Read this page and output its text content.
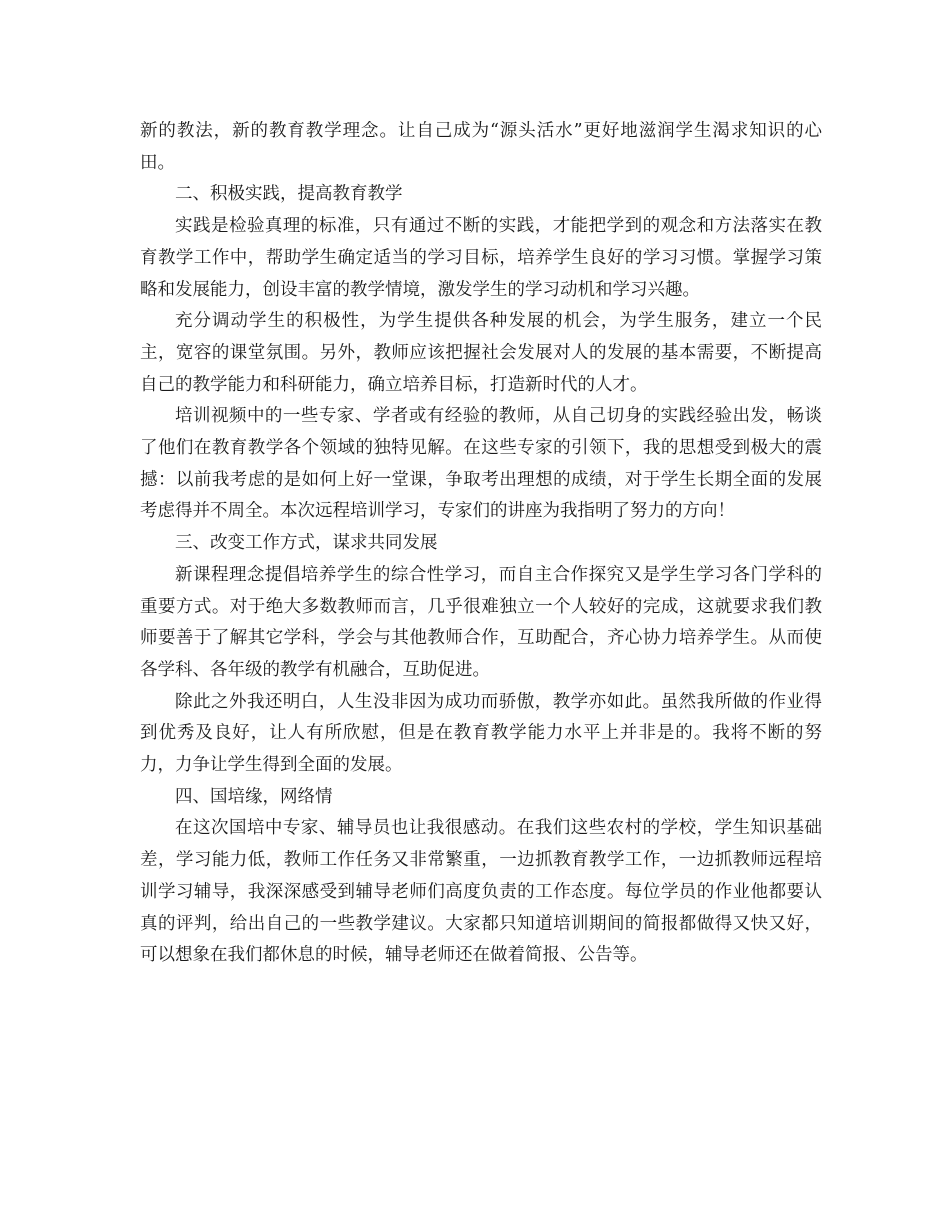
新的教法，新的教育教学理念。让自己成为“源头活水”更好地滋润学生渴求知识的心田。

二、积极实践，提高教育教学

实践是检验真理的标准，只有通过不断的实践，才能把学到的观念和方法落实在教育教学工作中，帮助学生确定适当的学习目标，培养学生良好的学习习惯。掌握学习策略和发展能力，创设丰富的教学情境，激发学生的学习动机和学习兴趣。

充分调动学生的积极性，为学生提供各种发展的机会，为学生服务，建立一个民主，宽容的课堂氛围。另外，教师应该把握社会发展对人的发展的基本需要，不断提高自己的教学能力和科研能力，确立培养目标，打造新时代的人才。

培训视频中的一些专家、学者或有经验的教师，从自己切身的实践经验出发，畅谈了他们在教育教学各个领域的独特见解。在这些专家的引领下，我的思想受到极大的震撼：以前我考虑的是如何上好一堂课，争取考出理想的成绩，对于学生长期全面的发展考虑得并不周全。本次远程培训学习，专家们的讲座为我指明了努力的方向！

三、改变工作方式，谋求共同发展

新课程理念提倡培养学生的综合性学习，而自主合作探究又是学生学习各门学科的重要方式。对于绝大多数教师而言，几乎很难独立一个人较好的完成，这就要求我们教师要善于了解其它学科，学会与其他教师合作，互助配合，齐心协力培养学生。从而使各学科、各年级的教学有机融合，互助促进。

除此之外我还明白，人生没非因为成功而骄傲，教学亦如此。虽然我所做的作业得到优秀及良好，让人有所欣慰，但是在教育教学能力水平上并非是的。我将不断的努力，力争让学生得到全面的发展。

四、国培缘，网络情

在这次国培中专家、辅导员也让我很感动。在我们这些农村的学校，学生知识基础差，学习能力低，教师工作任务又非常繁重，一边抓教育教学工作，一边抓教师远程培训学习辅导，我深深感受到辅导老师们高度负责的工作态度。每位学员的作业他都要认真的评判，给出自己的一些教学建议。大家都只知道培训期间的简报都做得又快又好，可以想象在我们都休息的时候，辅导老师还在做着简报、公告等。
